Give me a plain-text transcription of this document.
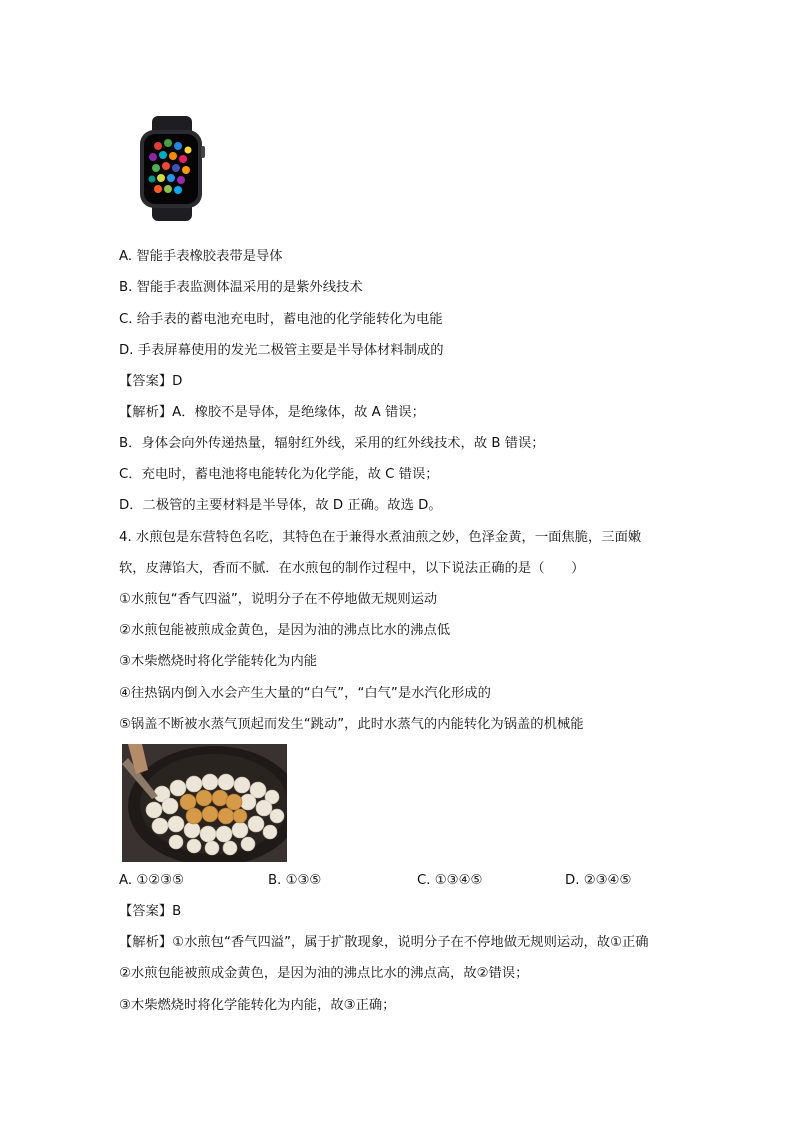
A. 智能手表橡胶表带是导体
B. 智能手表监测体温采用的是紫外线技术
C. 给手表的蓄电池充电时，蓄电池的化学能转化为电能
D. 手表屏幕使用的发光二极管主要是半导体材料制成的
【答案】D
【解析】A．橡胶不是导体，是绝缘体，故 A 错误；
B．身体会向外传递热量，辐射红外线，采用的红外线技术，故 B 错误；
C．充电时，蓄电池将电能转化为化学能，故 C 错误；
D．二极管的主要材料是半导体，故 D 正确。故选 D。
4. 水煎包是东营特色名吃，其特色在于兼得水煮油煎之妙，色泽金黄，一面焦脆，三面嫩
软，皮薄馅大，香而不腻．在水煎包的制作过程中，以下说法正确的是（　　）
①水煎包“香气四溢”，说明分子在不停地做无规则运动
②水煎包能被煎成金黄色，是因为油的沸点比水的沸点低
③木柴燃烧时将化学能转化为内能
④往热锅内倒入水会产生大量的“白气”，“白气”是水汽化形成的
⑤锅盖不断被水蒸气顶起而发生“跳动”，此时水蒸气的内能转化为锅盖的机械能
A. ①②③⑤	B. ①③⑤	C. ①③④⑤	D. ②③④⑤
【答案】B
【解析】①水煎包“香气四溢”，属于扩散现象，说明分子在不停地做无规则运动，故①正确
②水煎包能被煎成金黄色，是因为油的沸点比水的沸点高，故②错误；
③木柴燃烧时将化学能转化为内能，故③正确；
